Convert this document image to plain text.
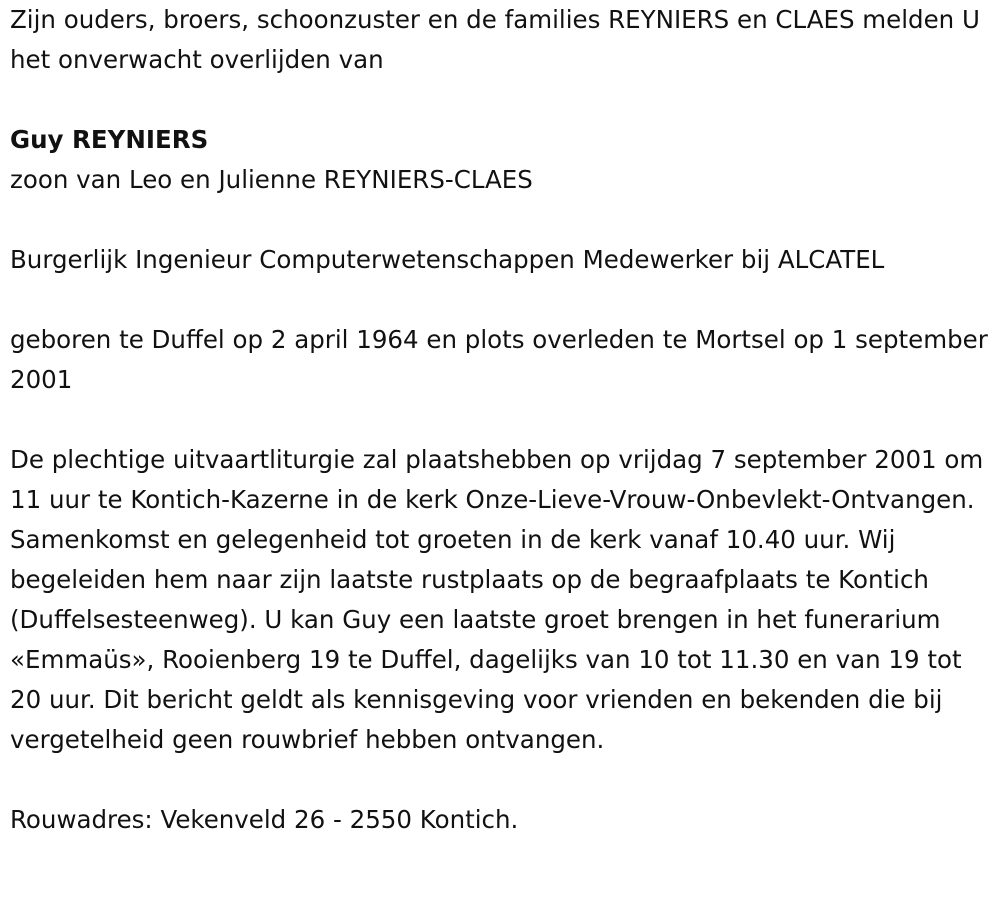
Zijn ouders, broers, schoonzuster en de families REYNIERS en CLAES melden U het onverwacht overlijden van

Guy REYNIERS

zoon van Leo en Julienne REYNIERS-CLAES

Burgerlijk Ingenieur Computerwetenschappen Medewerker bij ALCATEL

geboren te Duffel op 2 april 1964 en plots overleden te Mortsel op 1 september 2001

De plechtige uitvaartliturgie zal plaatshebben op vrijdag 7 september 2001 om 11 uur te Kontich-Kazerne in de kerk Onze-Lieve-Vrouw-Onbevlekt-Ontvangen. Samenkomst en gelegenheid tot groeten in de kerk vanaf 10.40 uur. Wij begeleiden hem naar zijn laatste rustplaats op de begraafplaats te Kontich (Duffelsesteenweg). U kan Guy een laatste groet brengen in het funerarium «Emmaüs», Rooienberg 19 te Duffel, dagelijks van 10 tot 11.30 en van 19 tot 20 uur. Dit bericht geldt als kennisgeving voor vrienden en bekenden die bij vergetelheid geen rouwbrief hebben ontvangen.

Rouwadres: Vekenveld 26 - 2550 Kontich.
